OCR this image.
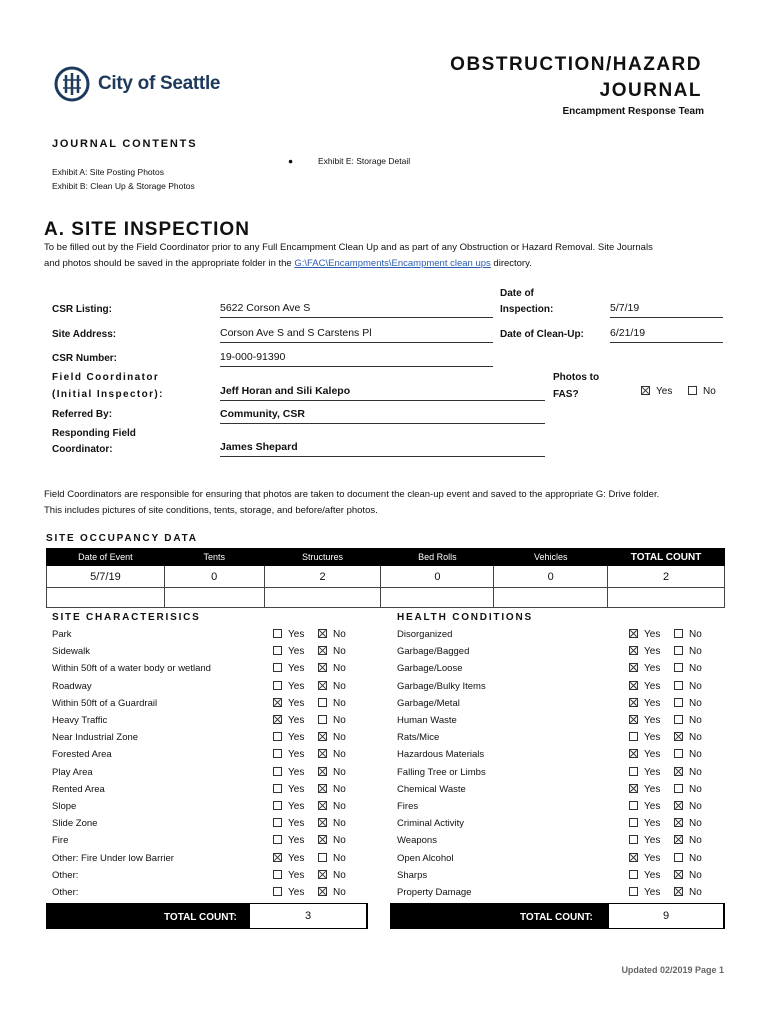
City of Seattle
OBSTRUCTION/HAZARD
JOURNAL
Encampment Response Team
JOURNAL CONTENTS
Exhibit A: Site Posting Photos
Exhibit B: Clean Up & Storage Photos
●	Exhibit E: Storage Detail
A. SITE INSPECTION
To be filled out by the Field Coordinator prior to any Full Encampment Clean Up and as part of any Obstruction or Hazard Removal. Site Journals
and photos should be saved in the appropriate folder in the G:\FAC\Encampments\Encampment clean ups directory.
CSR Listing:	5622 Corson Ave S
Site Address:	Corson Ave S and S Carstens Pl
CSR Number:	19-000-91390
Field Coordinator
(Initial Inspector):	Jeff Horan and Sili Kalepo
Referred By:	Community, CSR
Responding Field
Coordinator:	James Shepard
Date of
Inspection:	5/7/19
Date of Clean-Up: 6/21/19
Photos to
FAS?	Yes	No
Field Coordinators are responsible for ensuring that photos are taken to document the clean-up event and saved to the appropriate G: Drive folder.
This includes pictures of site conditions, tents, storage, and before/after photos.
SITE OCCUPANCY DATA
Date of Event	Tents	Structures	Bed Rolls	Vehicles	TOTAL COUNT
5/7/19	0	2	0	0	2

SITE CHARACTERISICS
Park	Yes	No
Sidewalk	Yes	No
Within 50ft of a water body or wetland	Yes	No
Roadway	Yes	No
Within 50ft of a Guardrail	Yes	No
Heavy Traffic	Yes	No
Near Industrial Zone	Yes	No
Forested Area	Yes	No
Play Area	Yes	No
Rented Area	Yes	No
Slope	Yes	No
Slide Zone	Yes	No
Fire	Yes	No
Other: Fire Under low Barrier	Yes	No
Other:	Yes	No
Other:	Yes	No
HEALTH CONDITIONS
Disorganized	Yes	No
Garbage/Bagged	Yes	No
Garbage/Loose	Yes	No
Garbage/Bulky Items	Yes	No
Garbage/Metal	Yes	No
Human Waste	Yes	No
Rats/Mice	Yes	No
Hazardous Materials	Yes	No
Falling Tree or Limbs	Yes	No
Chemical Waste	Yes	No
Fires	Yes	No
Criminal Activity	Yes	No
Weapons	Yes	No
Open Alcohol	Yes	No
Sharps	Yes	No
Property Damage	Yes	No
TOTAL COUNT:	3	TOTAL COUNT:	9
Updated 02/2019 Page 1
